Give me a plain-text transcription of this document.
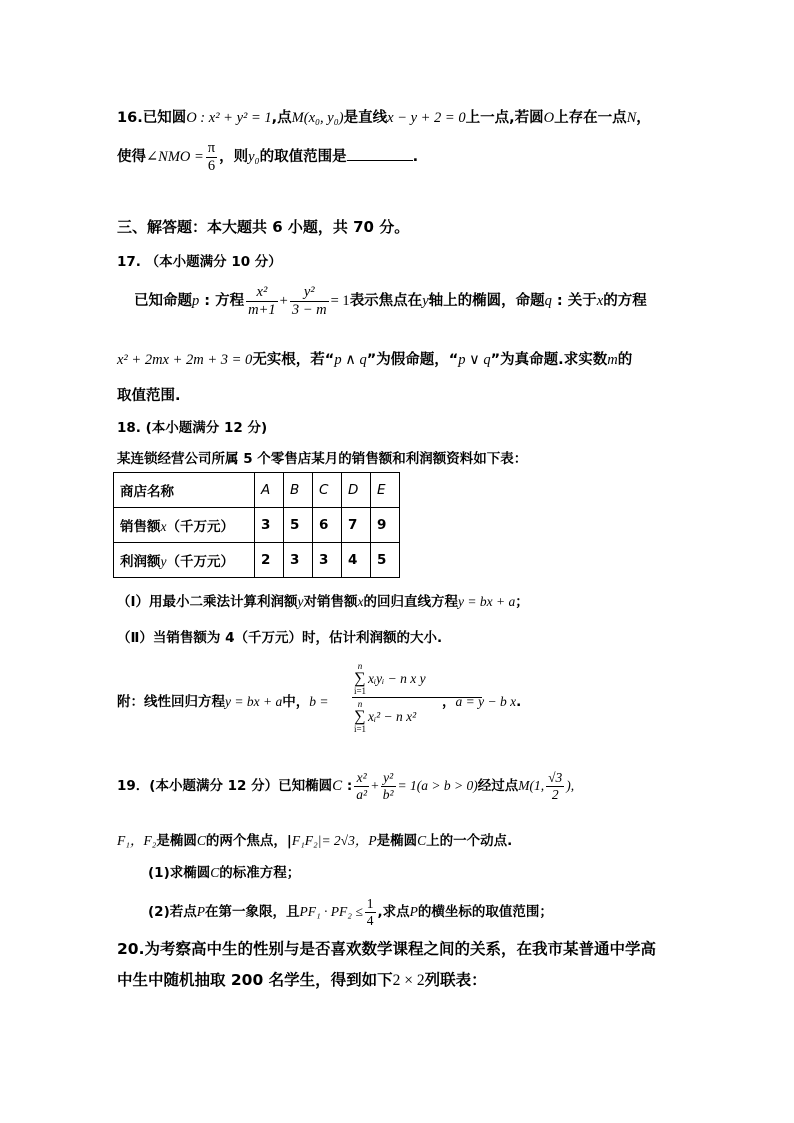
16.已知圆O : x² + y² = 1,点M(x₀, y₀)是直线x − y + 2 = 0上一点,若圆O上存在一点N，
使得∠NMO = $\frac{\pi}{6}$ ，则y₀的取值范围是	.
三、解答题：本大题共 6 小题，共 70 分。
17. （本小题满分 10 分）
已知命题p : 方程 $\frac{\text{x²}}{m+1} + \frac{\text{y²}}{3 - m} = 1$表示焦点在y轴上的椭圆，命题q : 关于x的方程
x² + 2mx + 2m + 3 = 0无实根，若“p ∧ q”为假命题，“p ∨ q”为真命题.求实数m的
取值范围.
18. (本小题满分 12 分)
某连锁经营公司所属 5 个零售店某月的销售额和利润额资料如下表：
商店名称	A	B	C	D	E
销售额x（千万元）	3	5	6	7	9
利润额y（千万元）	2	3	3	4	5
（Ⅰ）用最小二乘法计算利润额y对销售额x的回归直线方程y = bx + a；
（Ⅱ）当销售额为 4（千万元）时，估计利润额的大小.
附：线性回归方程y = bx + a中，b =
n
∑
i=1
xᵢyᵢ − n x y
n
∑
i=1
xᵢ² − n x²
，a = y − b x.
19．(本小题满分 12 分）已知椭圆C : $\frac{\text{x²}}{\text{a²}} + \frac{\text{y²}}{\text{b²}} = 1(a > b > 0)$经过点M(1, $\frac{√3}{2}$ ),
F₁，F₂是椭圆C的两个焦点，|F₁F₂|= 2√3，P是椭圆C上的一个动点.
(1)求椭圆C的标准方程；
(2)若点P在第一象限，且$PF_1 \cdot PF_2 \le \frac{1}{4}$ ,求点P的横坐标的取值范围；
20.为考察高中生的性别与是否喜欢数学课程之间的关系，在我市某普通中学高
中生中随机抽取 200 名学生，得到如下2 × 2列联表：
